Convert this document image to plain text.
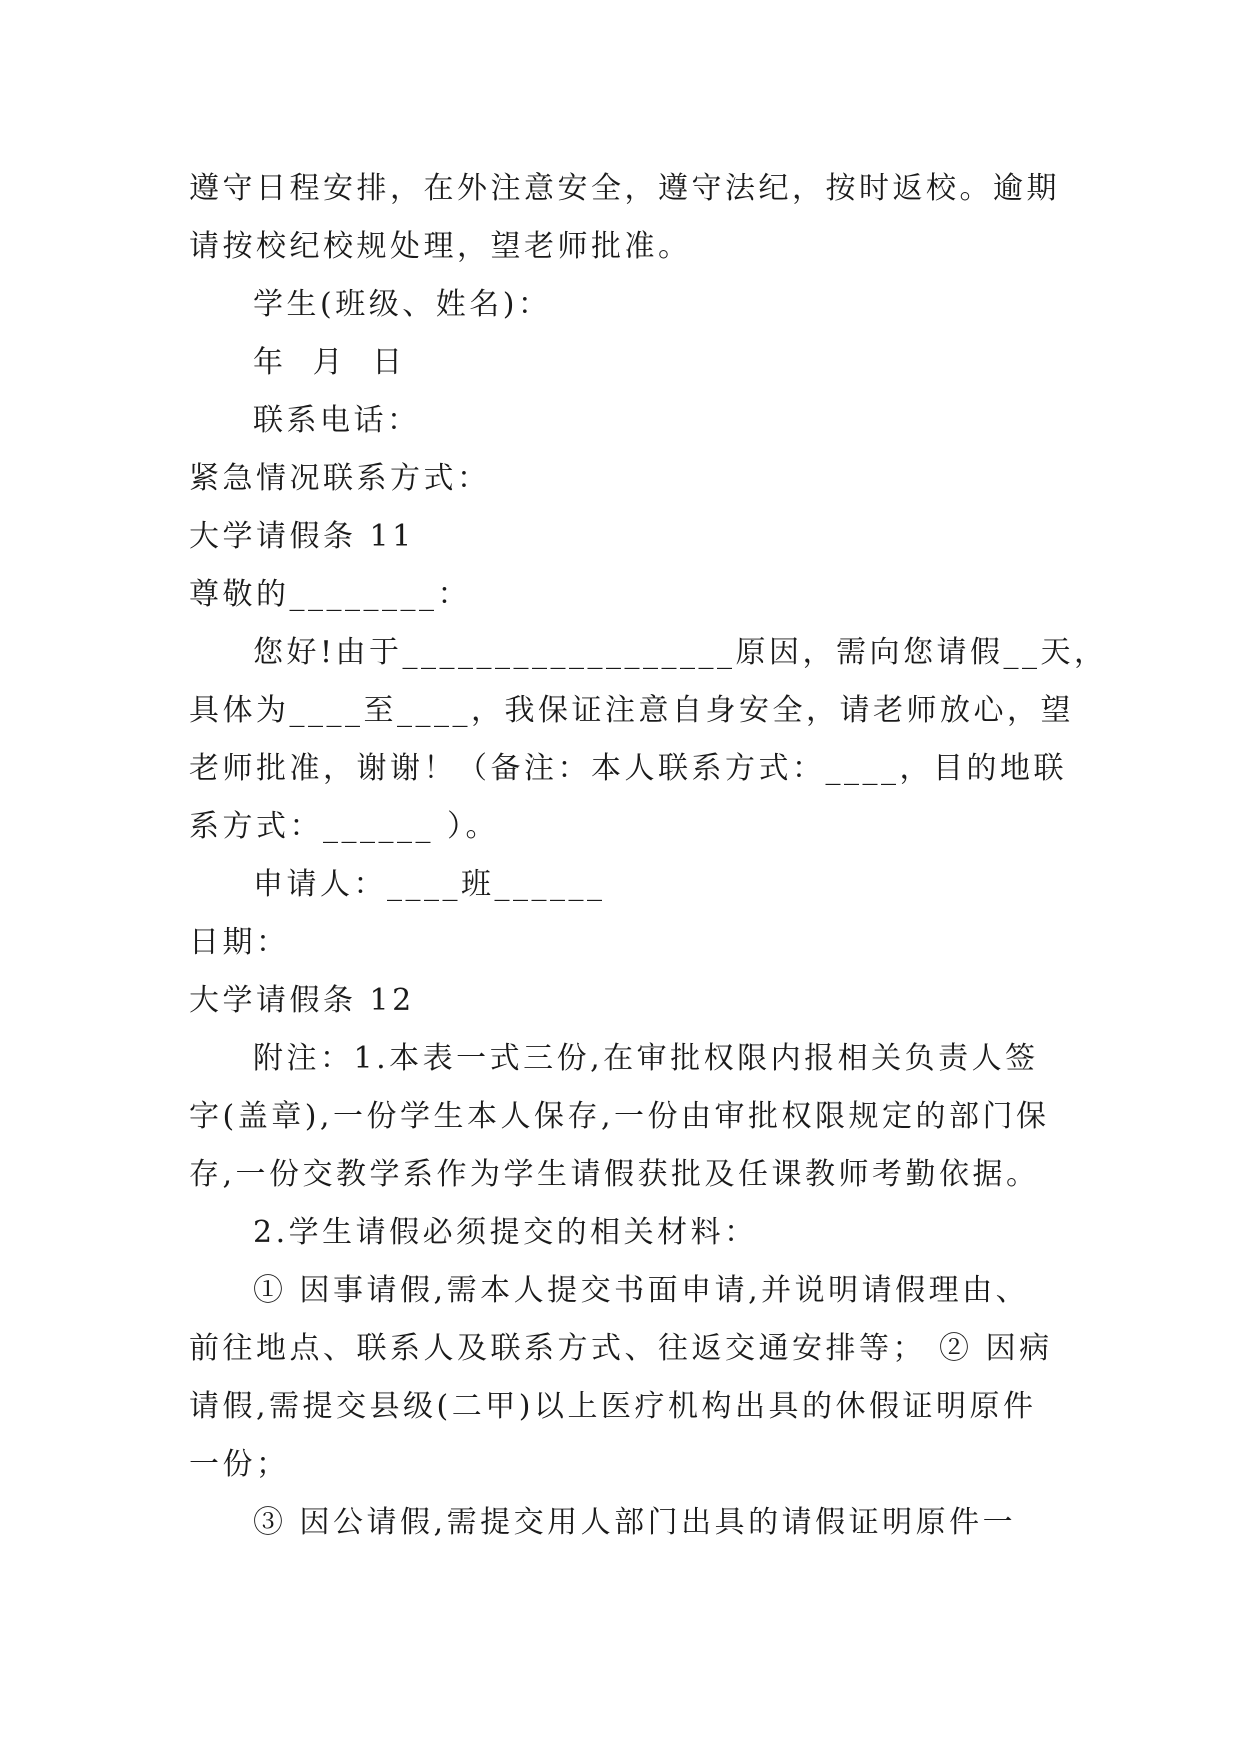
遵守日程安排，在外注意安全，遵守法纪，按时返校。逾期
请按校纪校规处理，望老师批准。
学生(班级、姓名)：
年  月  日
联系电话：
紧急情况联系方式：
大学请假条 11
尊敬的________：
您好!由于__________________原因，需向您请假__天，
具体为____至____，我保证注意自身安全，请老师放心，望
老师批准，谢谢！（备注：本人联系方式：____，目的地联
系方式：______ ）。
申请人：____班______
日期：
大学请假条 12
附注：1.本表一式三份,在审批权限内报相关负责人签
字(盖章),一份学生本人保存,一份由审批权限规定的部门保
存,一份交教学系作为学生请假获批及任课教师考勤依据。
2.学生请假必须提交的相关材料：
① 因事请假,需本人提交书面申请,并说明请假理由、
前往地点、联系人及联系方式、往返交通安排等； ② 因病
请假,需提交县级(二甲)以上医疗机构出具的休假证明原件
一份；
③ 因公请假,需提交用人部门出具的请假证明原件一
